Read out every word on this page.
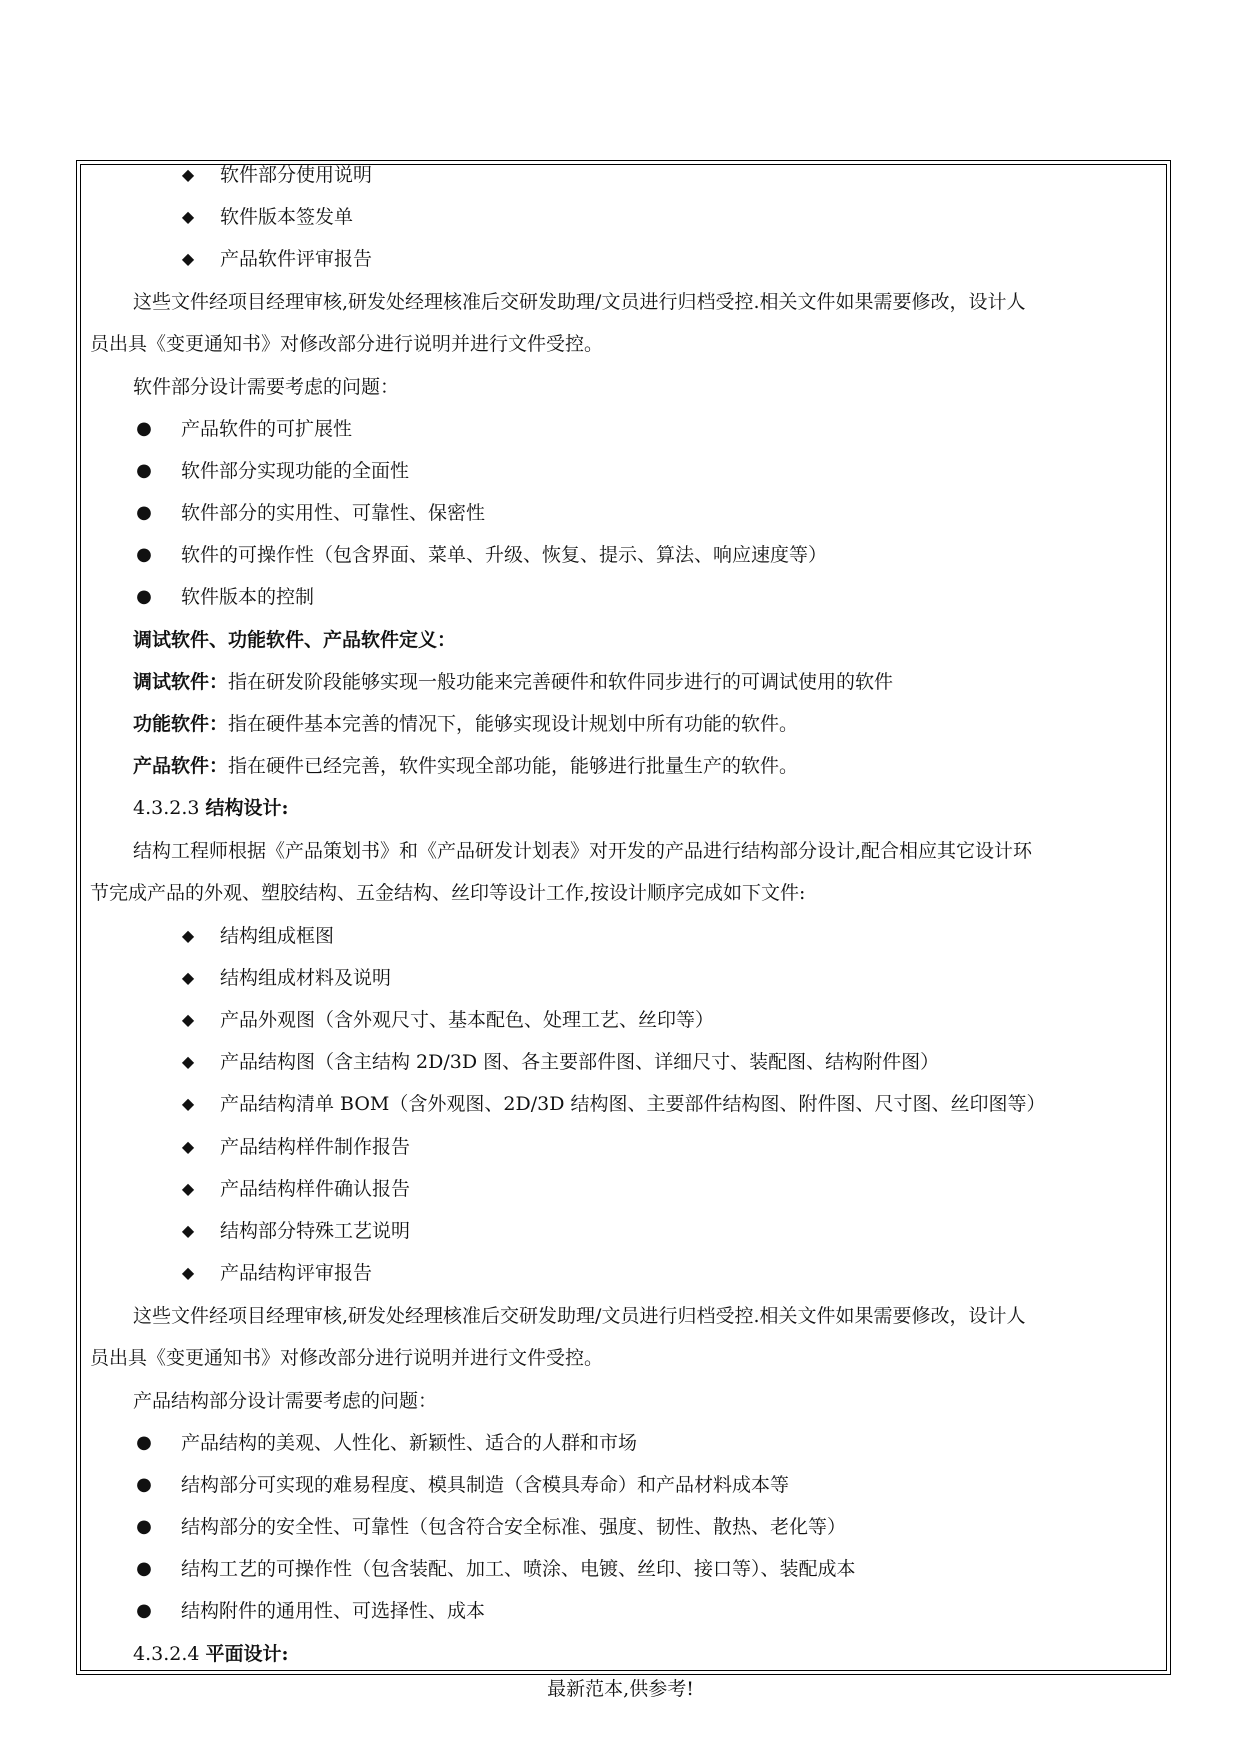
◆ 软件部分使用说明
◆ 软件版本签发单
◆ 产品软件评审报告
这些文件经项目经理审核,研发处经理核准后交研发助理/文员进行归档受控.相关文件如果需要修改，设计人
员出具《变更通知书》对修改部分进行说明并进行文件受控。
软件部分设计需要考虑的问题：
● 产品软件的可扩展性
● 软件部分实现功能的全面性
● 软件部分的实用性、可靠性、保密性
● 软件的可操作性（包含界面、菜单、升级、恢复、提示、算法、响应速度等）
● 软件版本的控制
调试软件、功能软件、产品软件定义：
调试软件：指在研发阶段能够实现一般功能来完善硬件和软件同步进行的可调试使用的软件
功能软件：指在硬件基本完善的情况下，能够实现设计规划中所有功能的软件。
产品软件：指在硬件已经完善，软件实现全部功能，能够进行批量生产的软件。
4.3.2.3 结构设计:
结构工程师根据《产品策划书》和《产品研发计划表》对开发的产品进行结构部分设计,配合相应其它设计环
节完成产品的外观、塑胶结构、五金结构、丝印等设计工作,按设计顺序完成如下文件:
◆ 结构组成框图
◆ 结构组成材料及说明
◆ 产品外观图（含外观尺寸、基本配色、处理工艺、丝印等）
◆ 产品结构图（含主结构 2D/3D 图、各主要部件图、详细尺寸、装配图、结构附件图）
◆ 产品结构清单 BOM（含外观图、2D/3D 结构图、主要部件结构图、附件图、尺寸图、丝印图等）
◆ 产品结构样件制作报告
◆ 产品结构样件确认报告
◆ 结构部分特殊工艺说明
◆ 产品结构评审报告
这些文件经项目经理审核,研发处经理核准后交研发助理/文员进行归档受控.相关文件如果需要修改，设计人
员出具《变更通知书》对修改部分进行说明并进行文件受控。
产品结构部分设计需要考虑的问题：
● 产品结构的美观、人性化、新颖性、适合的人群和市场
● 结构部分可实现的难易程度、模具制造（含模具寿命）和产品材料成本等
● 结构部分的安全性、可靠性（包含符合安全标准、强度、韧性、散热、老化等）
● 结构工艺的可操作性（包含装配、加工、喷涂、电镀、丝印、接口等）、装配成本
● 结构附件的通用性、可选择性、成本
4.3.2.4 平面设计:
最新范本,供参考!
